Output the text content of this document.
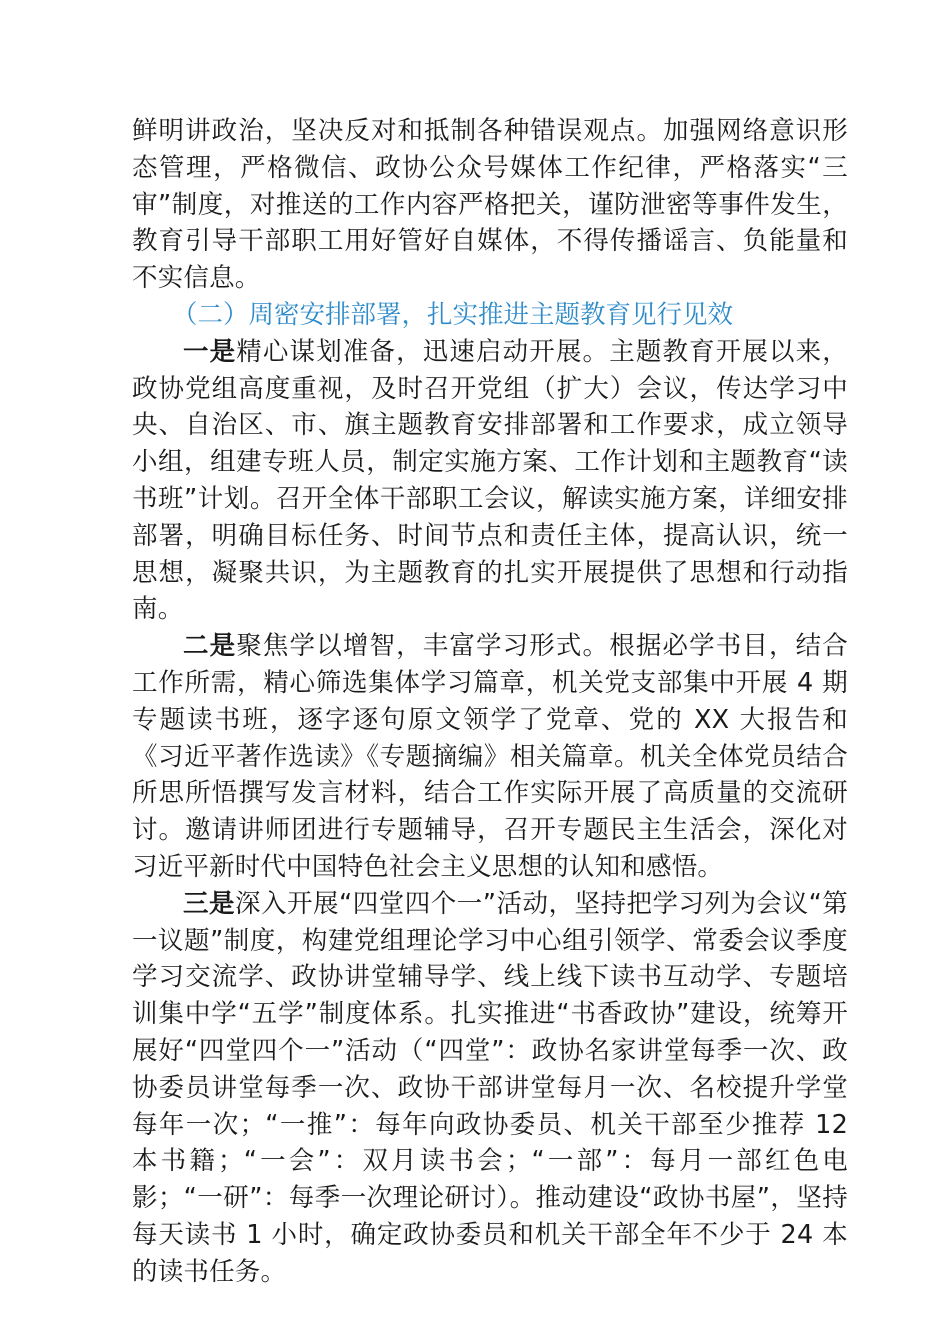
鲜明讲政治，坚决反对和抵制各种错误观点。加强网络意识形态管理，严格微信、政协公众号媒体工作纪律，严格落实“三审”制度，对推送的工作内容严格把关，谨防泄密等事件发生，教育引导干部职工用好管好自媒体，不得传播谣言、负能量和不实信息。

（二）周密安排部署，扎实推进主题教育见行见效

一是精心谋划准备，迅速启动开展。主题教育开展以来，政协党组高度重视，及时召开党组（扩大）会议，传达学习中央、自治区、市、旗主题教育安排部署和工作要求，成立领导小组，组建专班人员，制定实施方案、工作计划和主题教育“读书班”计划。召开全体干部职工会议，解读实施方案，详细安排部署，明确目标任务、时间节点和责任主体，提高认识，统一思想，凝聚共识，为主题教育的扎实开展提供了思想和行动指南。

二是聚焦学以增智，丰富学习形式。根据必学书目，结合工作所需，精心筛选集体学习篇章，机关党支部集中开展 4 期专题读书班，逐字逐句原文领学了党章、党的 XX 大报告和《习近平著作选读》《专题摘编》相关篇章。机关全体党员结合所思所悟撰写发言材料，结合工作实际开展了高质量的交流研讨。邀请讲师团进行专题辅导，召开专题民主生活会，深化对习近平新时代中国特色社会主义思想的认知和感悟。

三是深入开展“四堂四个一”活动，坚持把学习列为会议“第一议题”制度，构建党组理论学习中心组引领学、常委会议季度学习交流学、政协讲堂辅导学、线上线下读书互动学、专题培训集中学“五学”制度体系。扎实推进“书香政协”建设，统筹开展好“四堂四个一”活动（“四堂”：政协名家讲堂每季一次、政协委员讲堂每季一次、政协干部讲堂每月一次、名校提升学堂每年一次；“一推”：每年向政协委员、机关干部至少推荐 12 本书籍；“一会”：双月读书会；“一部”：每月一部红色电影；“一研”：每季一次理论研讨）。推动建设“政协书屋”，坚持每天读书 1 小时，确定政协委员和机关干部全年不少于 24 本的读书任务。
